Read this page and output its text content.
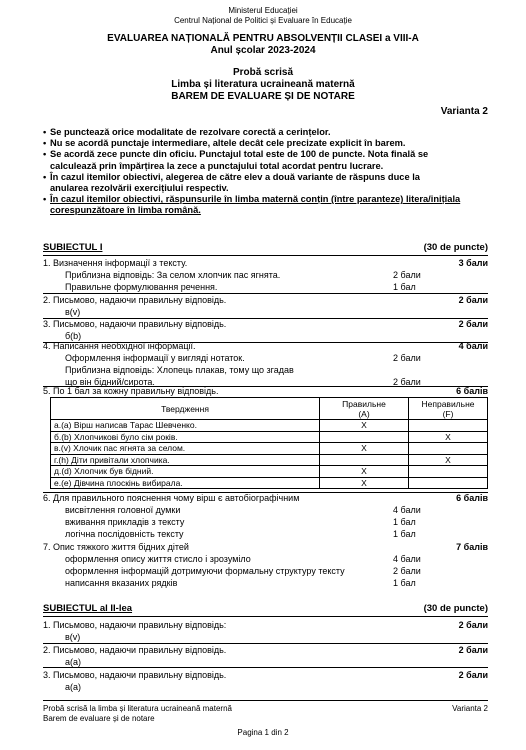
Ministerul Educației
Centrul Național de Politici și Evaluare în Educație
EVALUAREA NAȚIONALĂ PENTRU ABSOLVENȚII CLASEI a VIII-A
Anul școlar 2023-2024
Probă scrisă
Limba și literatura ucraineană maternă
BAREM DE EVALUARE ȘI DE NOTARE
Varianta 2
• Se punctează orice modalitate de rezolvare corectă a cerințelor.
• Nu se acordă punctaje intermediare, altele decât cele precizate explicit în barem.
• Se acordă zece puncte din oficiu. Punctajul total este de 100 de puncte. Nota finală se
calculează prin împărțirea la zece a punctajului total acordat pentru lucrare.
• În cazul itemilor obiectivi, alegerea de către elev a două variante de răspuns duce la
anularea rezolvării exercițiului respectiv.
• În cazul itemilor obiectivi, răspunsurile în limba maternă conțin (între paranteze) litera/inițiala
corespunzătoare în limba română.
SUBIECTUL I	(30 de puncte)
1. Визначення інформації з тексту.	3 бали
Приблизна відповідь: За селом хлопчик пас ягнята.	2 бали
Правильне формулювання речення.	1 бал
2. Письмово, надаючи правильну відповідь.	2 бали
в(v)
3. Письмово, надаючи правильну відповідь.	2 бали
б(b)
4. Написання необхідної інформації.	4 бали
Оформлення інформації у вигляді нотаток.	2 бали
Приблизна відповідь: Хлопець плакав, тому що згадав
що він бідний/сирота.	2 бали
5. По 1 бал за кожну правильну відповідь.	6 балів
Твердження	Правильне
(A)	Неправильне
(F)
а.(a) Вірш написав Тарас Шевченко.	X	
б.(b) Хлопчикові було сім років.		X
в.(v) Хлочик пас ягнята за селом.	X	
г.(h) Діти привітали хлопчика.		X
д.(d) Хлопчик був бідний.	X	
е.(e) Дівчина плоскінь вибирала.	X	
6. Для правильного пояснення чому вірш є автобіографічним	6 балів
висвітлення головної думки	4 бали
вживання прикладів з тексту	1 бал
логічна послідовність тексту	1 бал
7. Опис тяжкого життя бідних дітей	7 балів
оформлення опису життя стисло і зрозуміло	4 бали
оформлення інформацій дотримуючи формальну структуру тексту	2 бали
написання вказаних рядків	1 бал
SUBIECTUL al II-lea	(30 de puncte)
1. Письмово, надаючи правильну відповідь:	2 бали
в(v)
2. Письмово, надаючи правильну відповідь.	2 бали
а(a)
3. Письмово, надаючи правильну відповідь.	2 бали
а(a)
Probă scrisă la limba și literatura ucraineană maternă
Barem de evaluare și de notare
Varianta 2
Pagina 1 din 2
